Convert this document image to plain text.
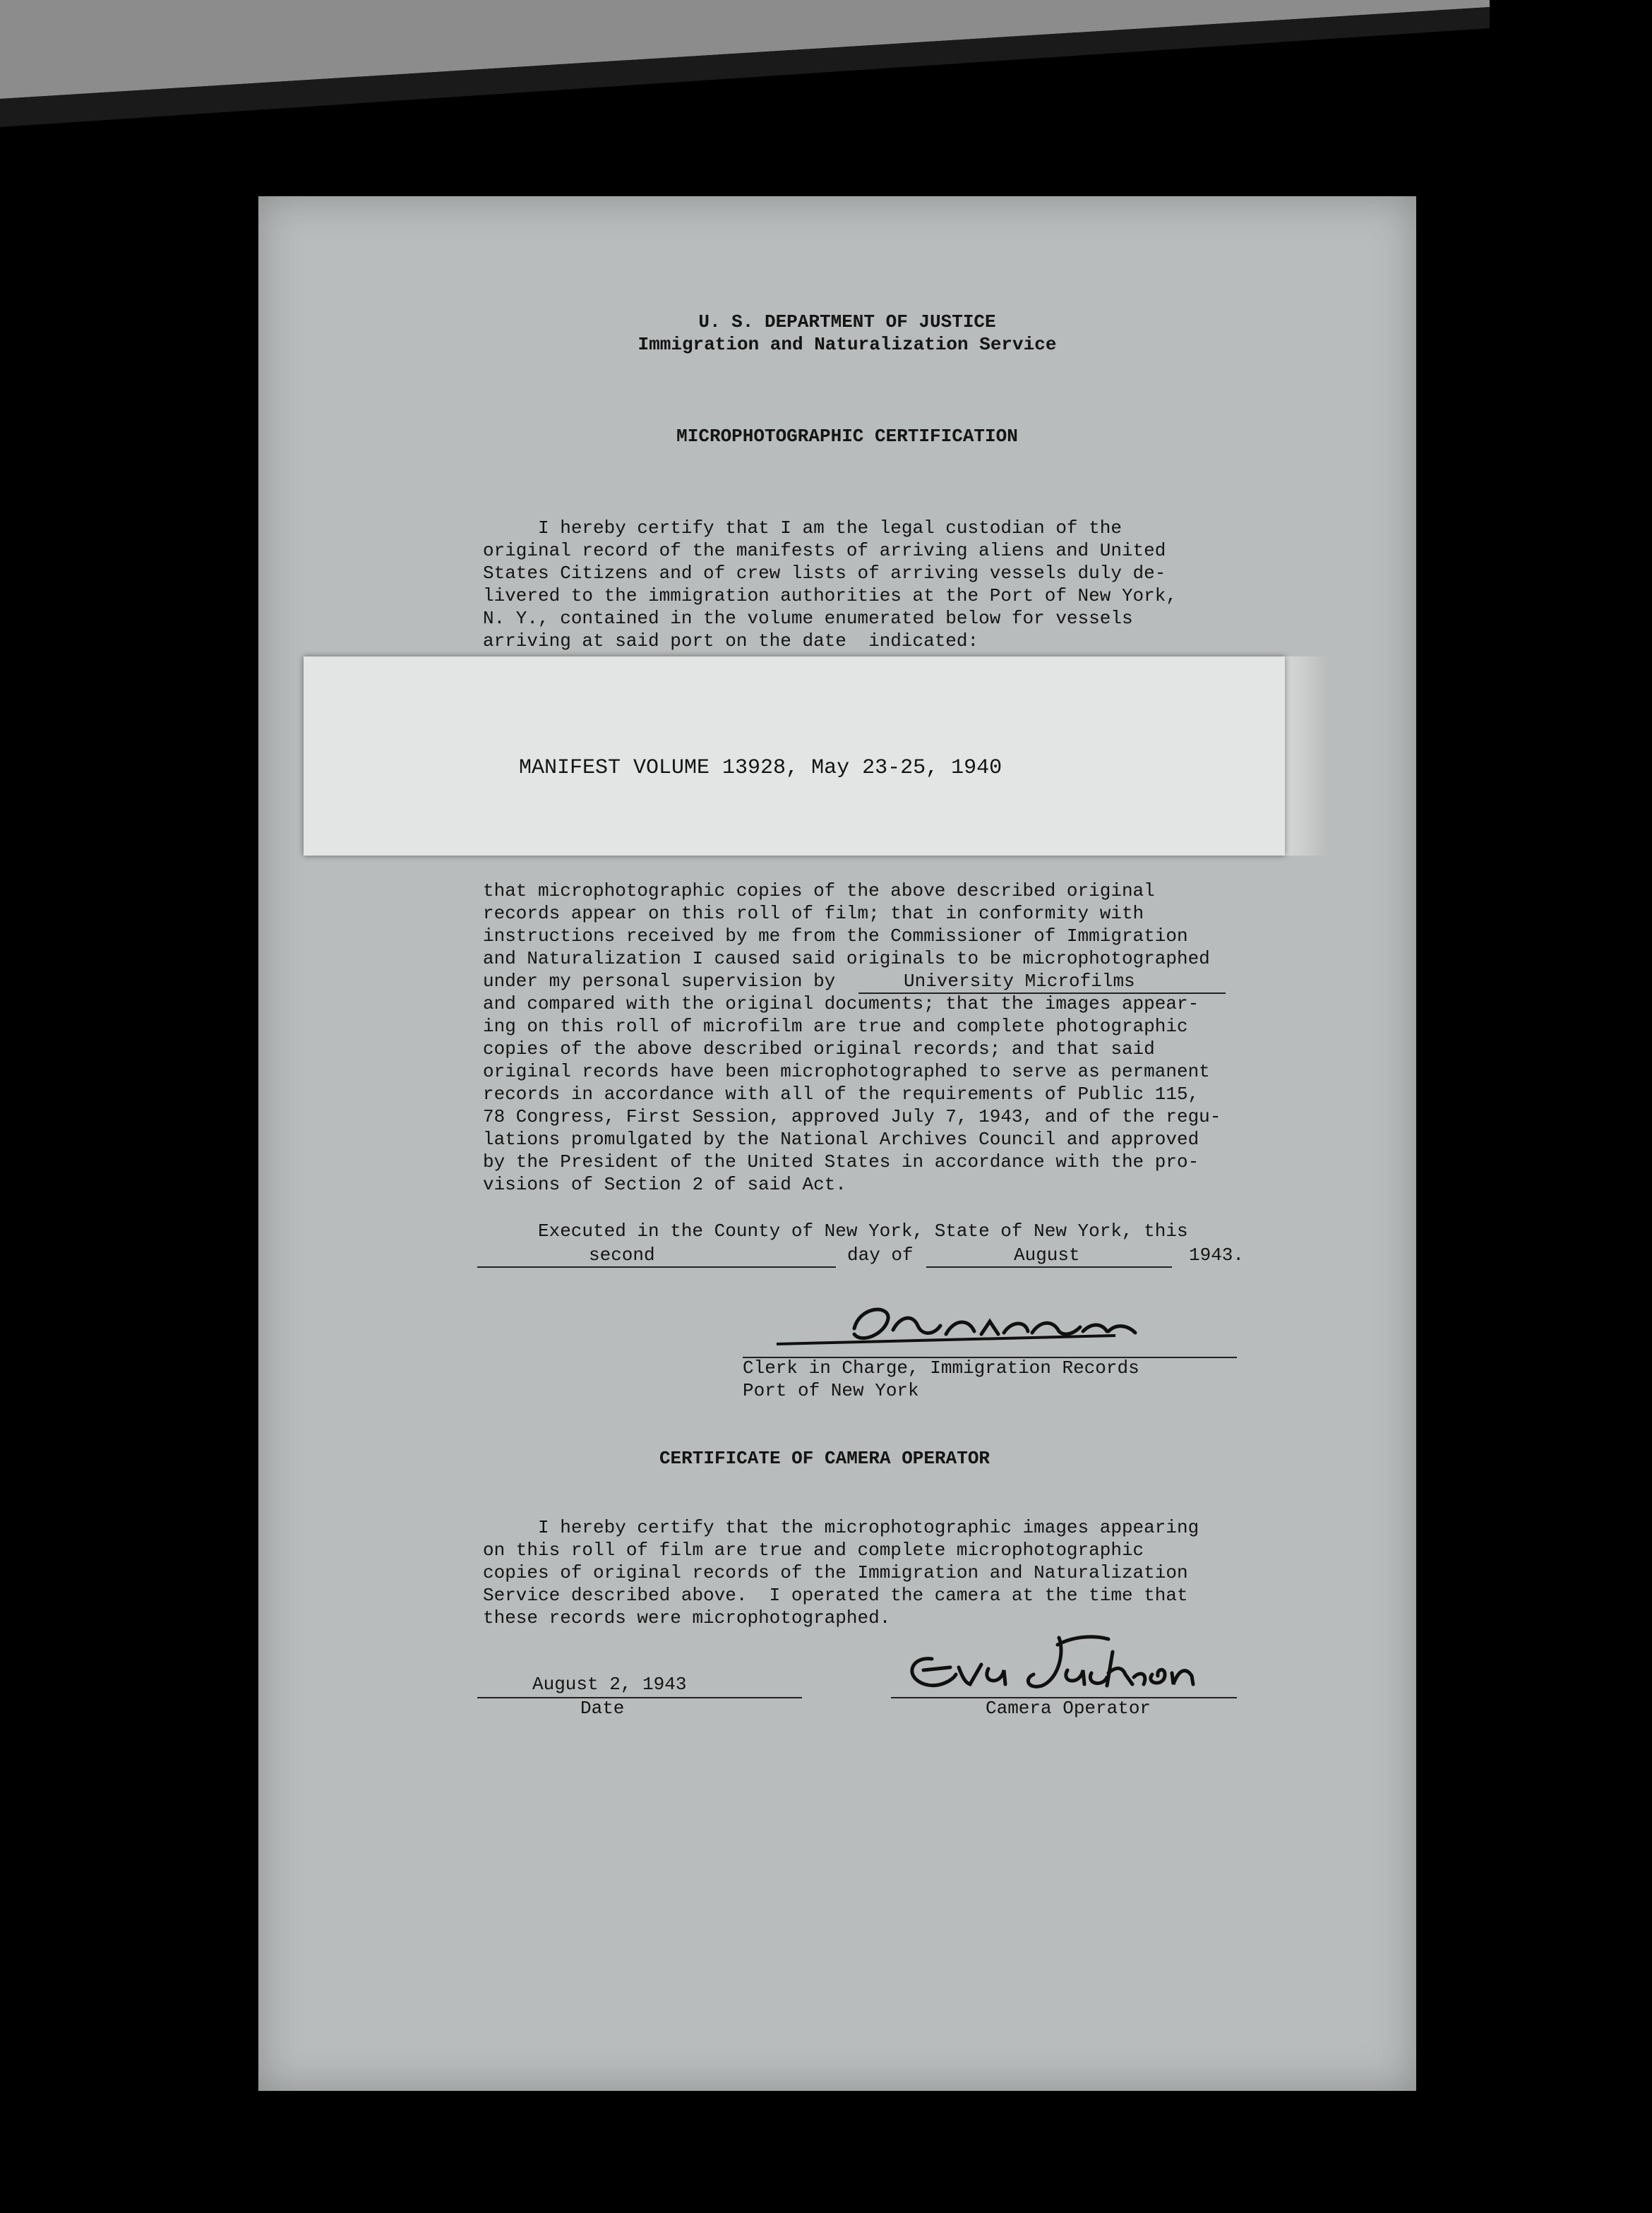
U. S. DEPARTMENT OF JUSTICE
Immigration and Naturalization Service
MICROPHOTOGRAPHIC CERTIFICATION
I hereby certify that I am the legal custodian of the
original record of the manifests of arriving aliens and United
States Citizens and of crew lists of arriving vessels duly de-
livered to the immigration authorities at the Port of New York,
N. Y., contained in the volume enumerated below for vessels
arriving at said port on the date  indicated:
MANIFEST VOLUME 13928, May 23-25, 1940
that microphotographic copies of the above described original
records appear on this roll of film; that in conformity with
instructions received by me from the Commissioner of Immigration
and Naturalization I caused said originals to be microphotographed
under my personal supervision by	University Microfilms
and compared with the original documents; that the images appear-
ing on this roll of microfilm are true and complete photographic
copies of the above described original records; and that said
original records have been microphotographed to serve as permanent
records in accordance with all of the requirements of Public 115,
78 Congress, First Session, approved July 7, 1943, and of the regu-
lations promulgated by the National Archives Council and approved
by the President of the United States in accordance with the pro-
visions of Section 2 of said Act.
Executed in the County of New York, State of New York, this
second	day of	August	1943.
Clerk in Charge, Immigration Records
Port of New York
CERTIFICATE OF CAMERA OPERATOR
I hereby certify that the microphotographic images appearing
on this roll of film are true and complete microphotographic
copies of original records of the Immigration and Naturalization
Service described above.  I operated the camera at the time that
these records were microphotographed.
August 2, 1943
Date	Camera Operator
